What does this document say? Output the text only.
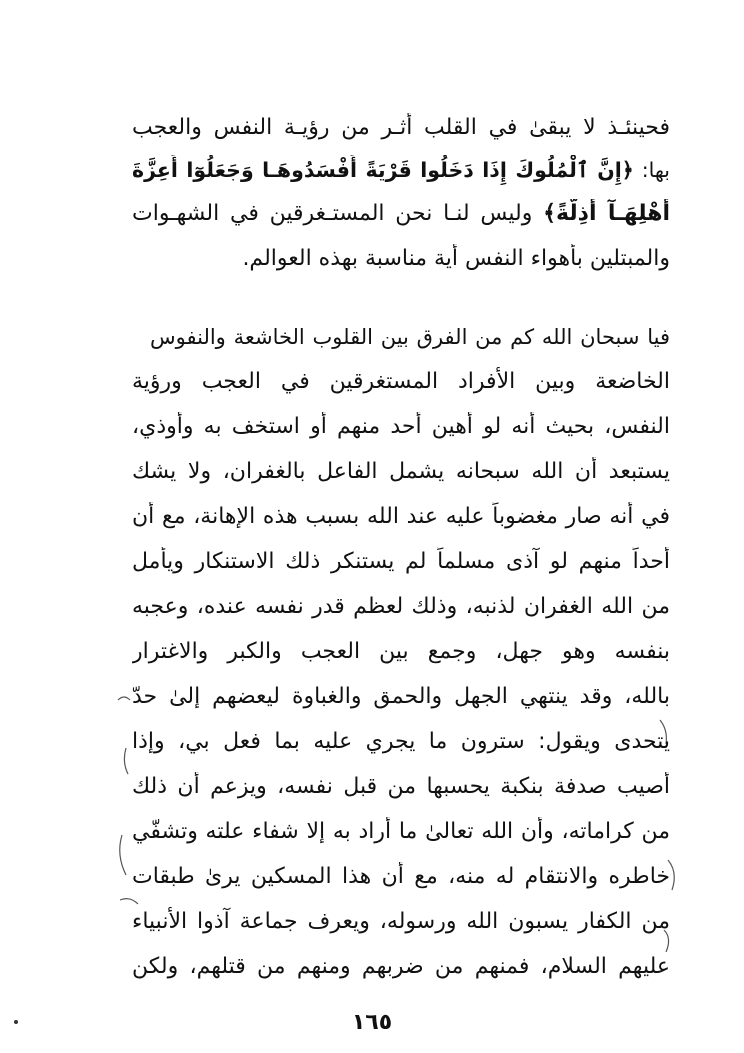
فحينئـذ لا يبقىٰ في القلب أثـر من رؤيـة النفس والعجب
بها: ﴿إِنَّ ٱلْمُلُوكَ إِذَا دَخَلُوا قَرْيَةً أَفْسَدُوهَـا وَجَعَلُوٓا أَعِزَّةَ
أَهْلِهَـآ أَذِلَّةً﴾ وليس لنـا نحن المستـغرقين في الشهـوات
والمبتلين بأهواء النفس أية مناسبة بهذه العوالم.
فيا سبحان الله كم من الفرق بين القلوب الخاشعة والنفوس
الخاضعة وبين الأفراد المستغرقين في العجب ورؤية
النفس، بحيث أنه لو أهين أحد منهم أو استخف به وأوذي،
يستبعد أن الله سبحانه يشمل الفاعل بالغفران، ولا يشك
في أنه صار مغضوباً عليه عند الله بسبب هذه الإهانة، مع أن
أحداً منهم لو آذى مسلماً لم يستنكر ذلك الاستنكار ويأمل
من الله الغفران لذنبه، وذلك لعظم قدر نفسه عنده، وعجبه
بنفسه وهو جهل، وجمع بين العجب والكبر والاغترار
بالله، وقد ينتهي الجهل والحمق والغباوة ليعضهم إلىٰ حدّ
يتحدى ويقول: سترون ما يجري عليه بما فعل بي، وإذا
أصيب صدفة بنكبة يحسبها من قبل نفسه، ويزعم أن ذلك
من كراماته، وأن الله تعالىٰ ما أراد به إلا شفاء علته وتشفّي
خاطره والانتقام له منه، مع أن هذا المسكين يرىٰ طبقات
من الكفار يسبون الله ورسوله، ويعرف جماعة آذوا الأنبياء
عليهم السلام، فمنهم من ضربهم ومنهم من قتلهم، ولكن
١٦٥
